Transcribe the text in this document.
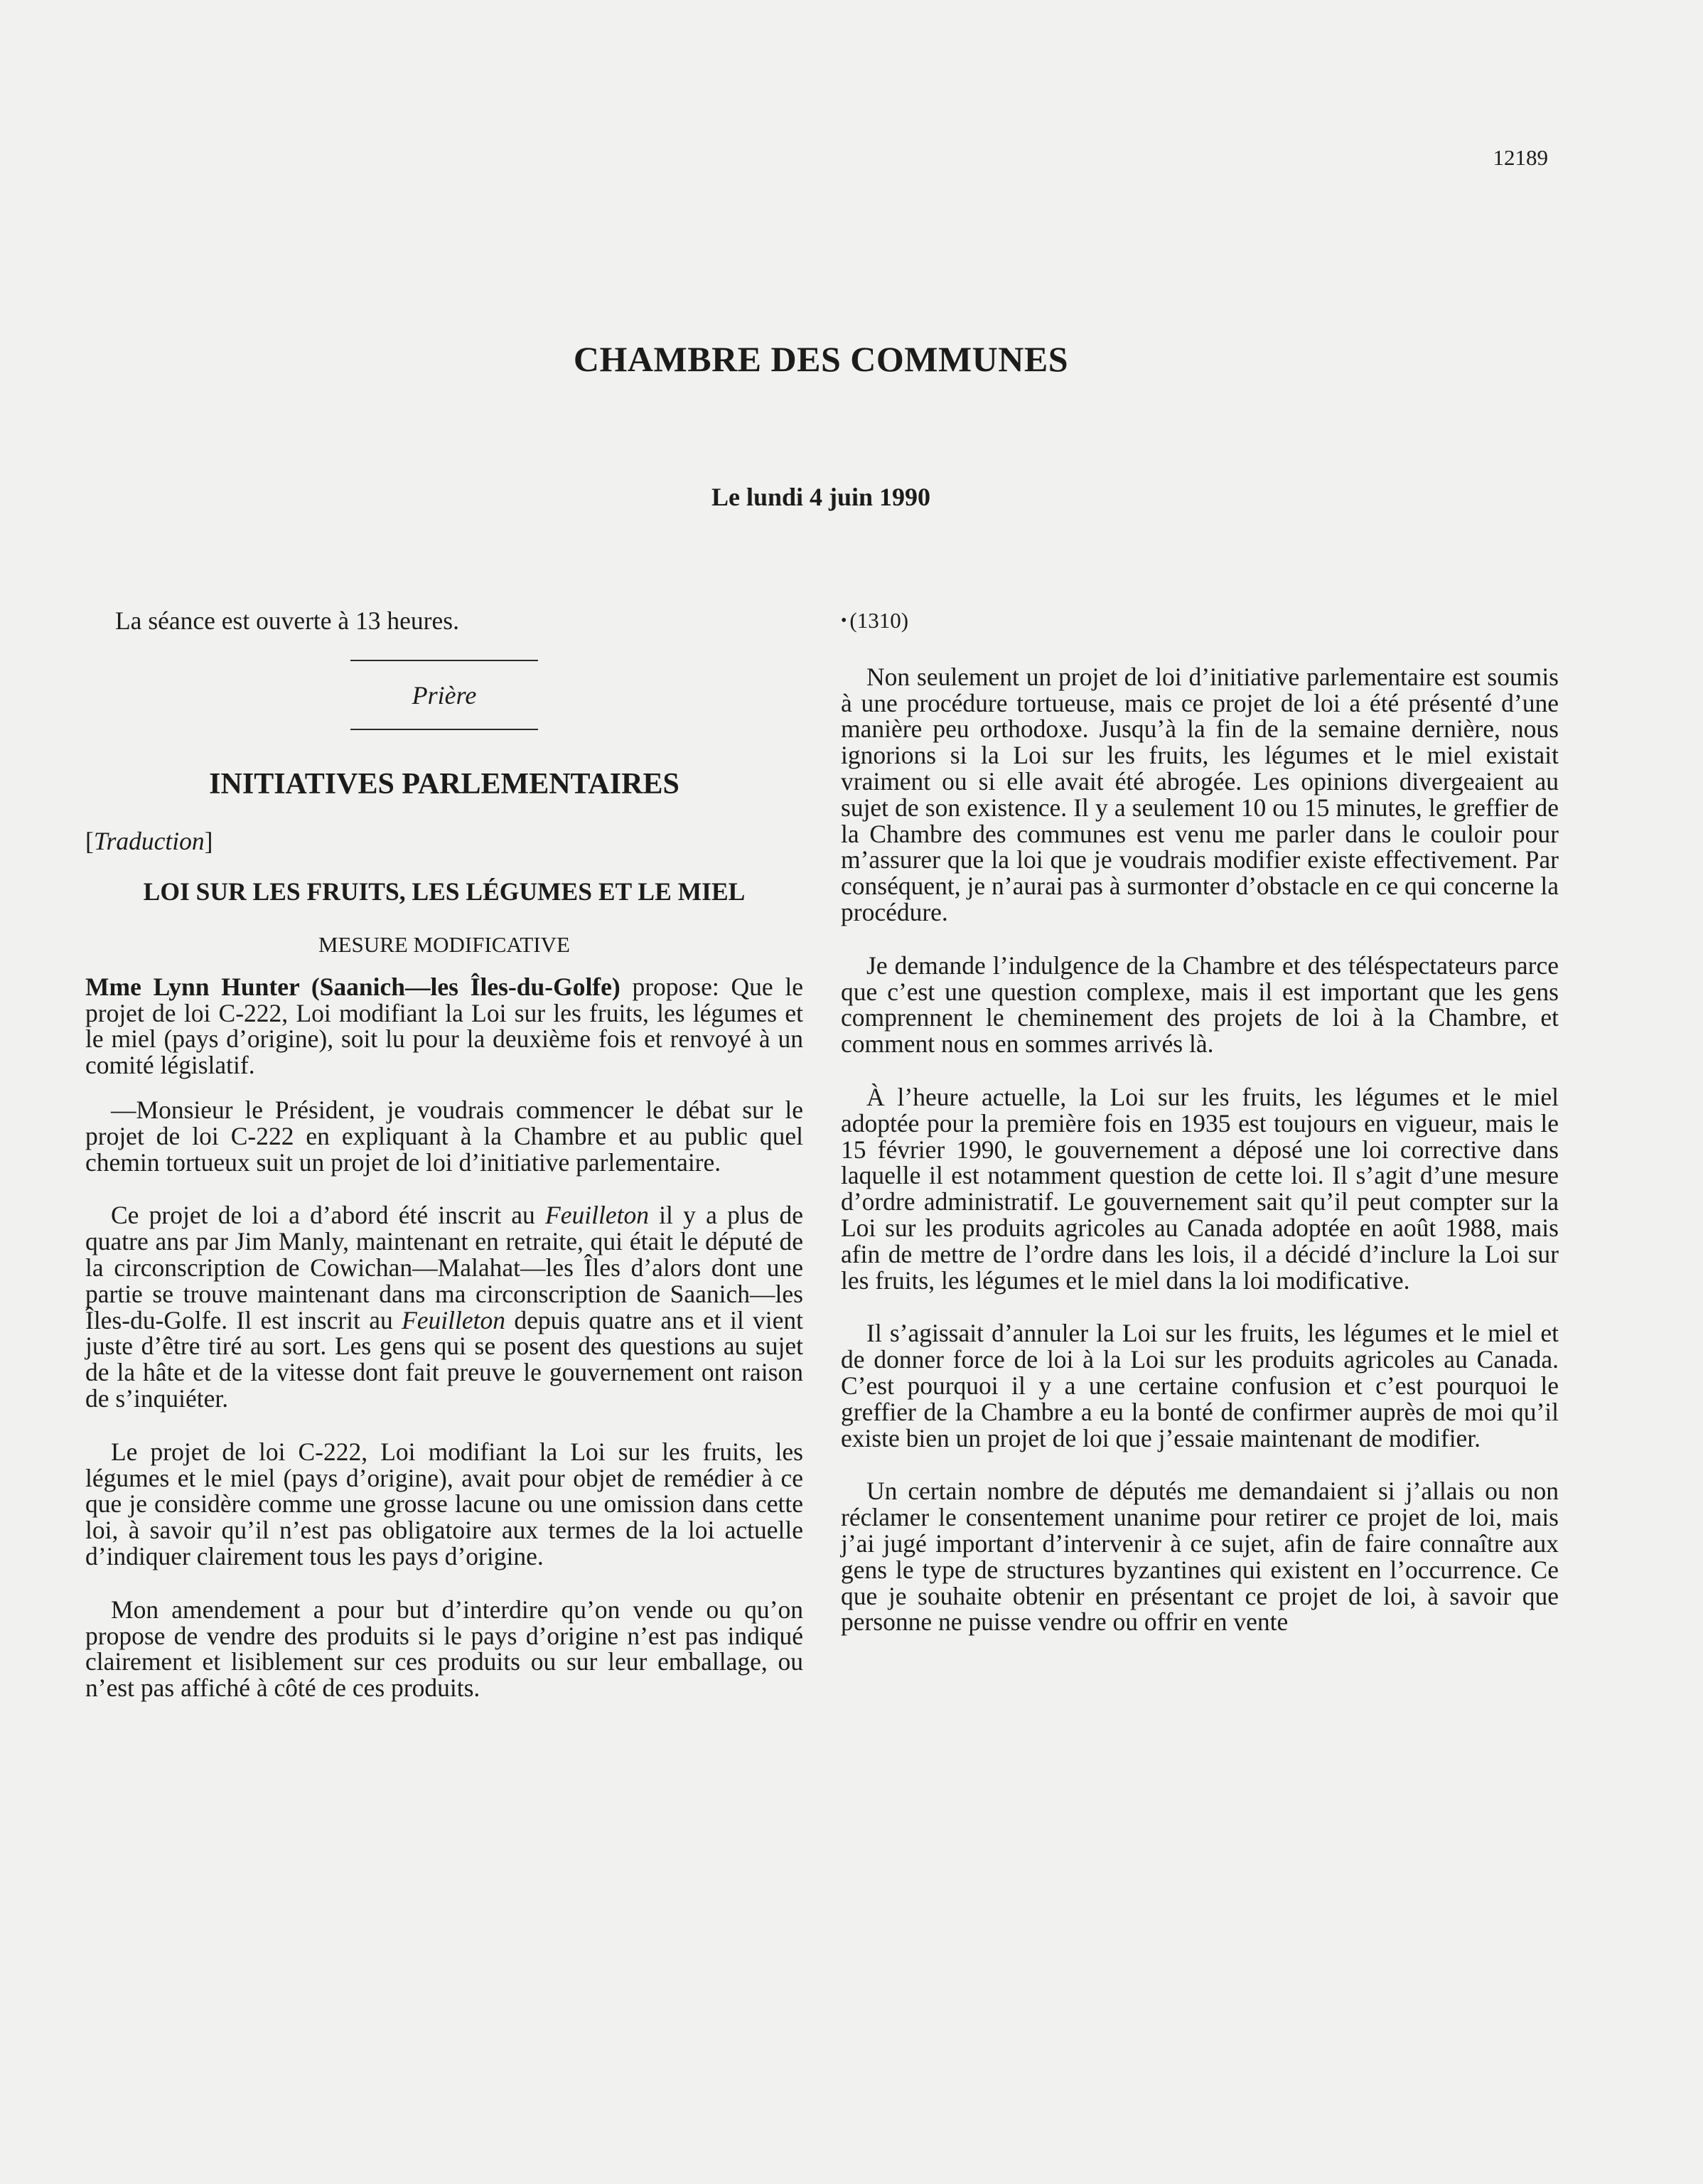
12189
CHAMBRE DES COMMUNES
Le lundi 4 juin 1990

La séance est ouverte à 13 heures.

Prière
INITIATIVES PARLEMENTAIRES
[Traduction]
LOI SUR LES FRUITS, LES LÉGUMES ET LE MIEL
MESURE MODIFICATIVE

Mme Lynn Hunter (Saanich—les Îles-du-Golfe) propose: Que le projet de loi C-222, Loi modifiant la Loi sur les fruits, les légumes et le miel (pays d’origine), soit lu pour la deuxième fois et renvoyé à un comité législatif.

—Monsieur le Président, je voudrais commencer le débat sur le projet de loi C-222 en expliquant à la Chambre et au public quel chemin tortueux suit un projet de loi d’initiative parlementaire.

Ce projet de loi a d’abord été inscrit au Feuilleton il y a plus de quatre ans par Jim Manly, maintenant en retraite, qui était le député de la circonscription de Cowichan—Malahat—les Îles d’alors dont une partie se trouve maintenant dans ma circonscription de Saanich—les Îles-du-Golfe. Il est inscrit au Feuilleton depuis quatre ans et il vient juste d’être tiré au sort. Les gens qui se posent des questions au sujet de la hâte et de la vitesse dont fait preuve le gouvernement ont raison de s’inquiéter.

Le projet de loi C-222, Loi modifiant la Loi sur les fruits, les légumes et le miel (pays d’origine), avait pour objet de remédier à ce que je considère comme une grosse lacune ou une omission dans cette loi, à savoir qu’il n’est pas obligatoire aux termes de la loi actuelle d’indiquer clairement tous les pays d’origine.

Mon amendement a pour but d’interdire qu’on vende ou qu’on propose de vendre des produits si le pays d’origine n’est pas indiqué clairement et lisiblement sur ces produits ou sur leur emballage, ou n’est pas affiché à côté de ces produits.

• (1310)

Non seulement un projet de loi d’initiative parlementaire est soumis à une procédure tortueuse, mais ce projet de loi a été présenté d’une manière peu orthodoxe. Jusqu’à la fin de la semaine dernière, nous ignorions si la Loi sur les fruits, les légumes et le miel existait vraiment ou si elle avait été abrogée. Les opinions divergeaient au sujet de son existence. Il y a seulement 10 ou 15 minutes, le greffier de la Chambre des communes est venu me parler dans le couloir pour m’assurer que la loi que je voudrais modifier existe effectivement. Par conséquent, je n’aurai pas à surmonter d’obstacle en ce qui concerne la procédure.

Je demande l’indulgence de la Chambre et des téléspectateurs parce que c’est une question complexe, mais il est important que les gens comprennent le cheminement des projets de loi à la Chambre, et comment nous en sommes arrivés là.

À l’heure actuelle, la Loi sur les fruits, les légumes et le miel adoptée pour la première fois en 1935 est toujours en vigueur, mais le 15 février 1990, le gouvernement a déposé une loi corrective dans laquelle il est notamment question de cette loi. Il s’agit d’une mesure d’ordre administratif. Le gouvernement sait qu’il peut compter sur la Loi sur les produits agricoles au Canada adoptée en août 1988, mais afin de mettre de l’ordre dans les lois, il a décidé d’inclure la Loi sur les fruits, les légumes et le miel dans la loi modificative.

Il s’agissait d’annuler la Loi sur les fruits, les légumes et le miel et de donner force de loi à la Loi sur les produits agricoles au Canada. C’est pourquoi il y a une certaine confusion et c’est pourquoi le greffier de la Chambre a eu la bonté de confirmer auprès de moi qu’il existe bien un projet de loi que j’essaie maintenant de modifier.

Un certain nombre de députés me demandaient si j’allais ou non réclamer le consentement unanime pour retirer ce projet de loi, mais j’ai jugé important d’intervenir à ce sujet, afin de faire connaître aux gens le type de structures byzantines qui existent en l’occurrence. Ce que je souhaite obtenir en présentant ce projet de loi, à savoir que personne ne puisse vendre ou offrir en vente
